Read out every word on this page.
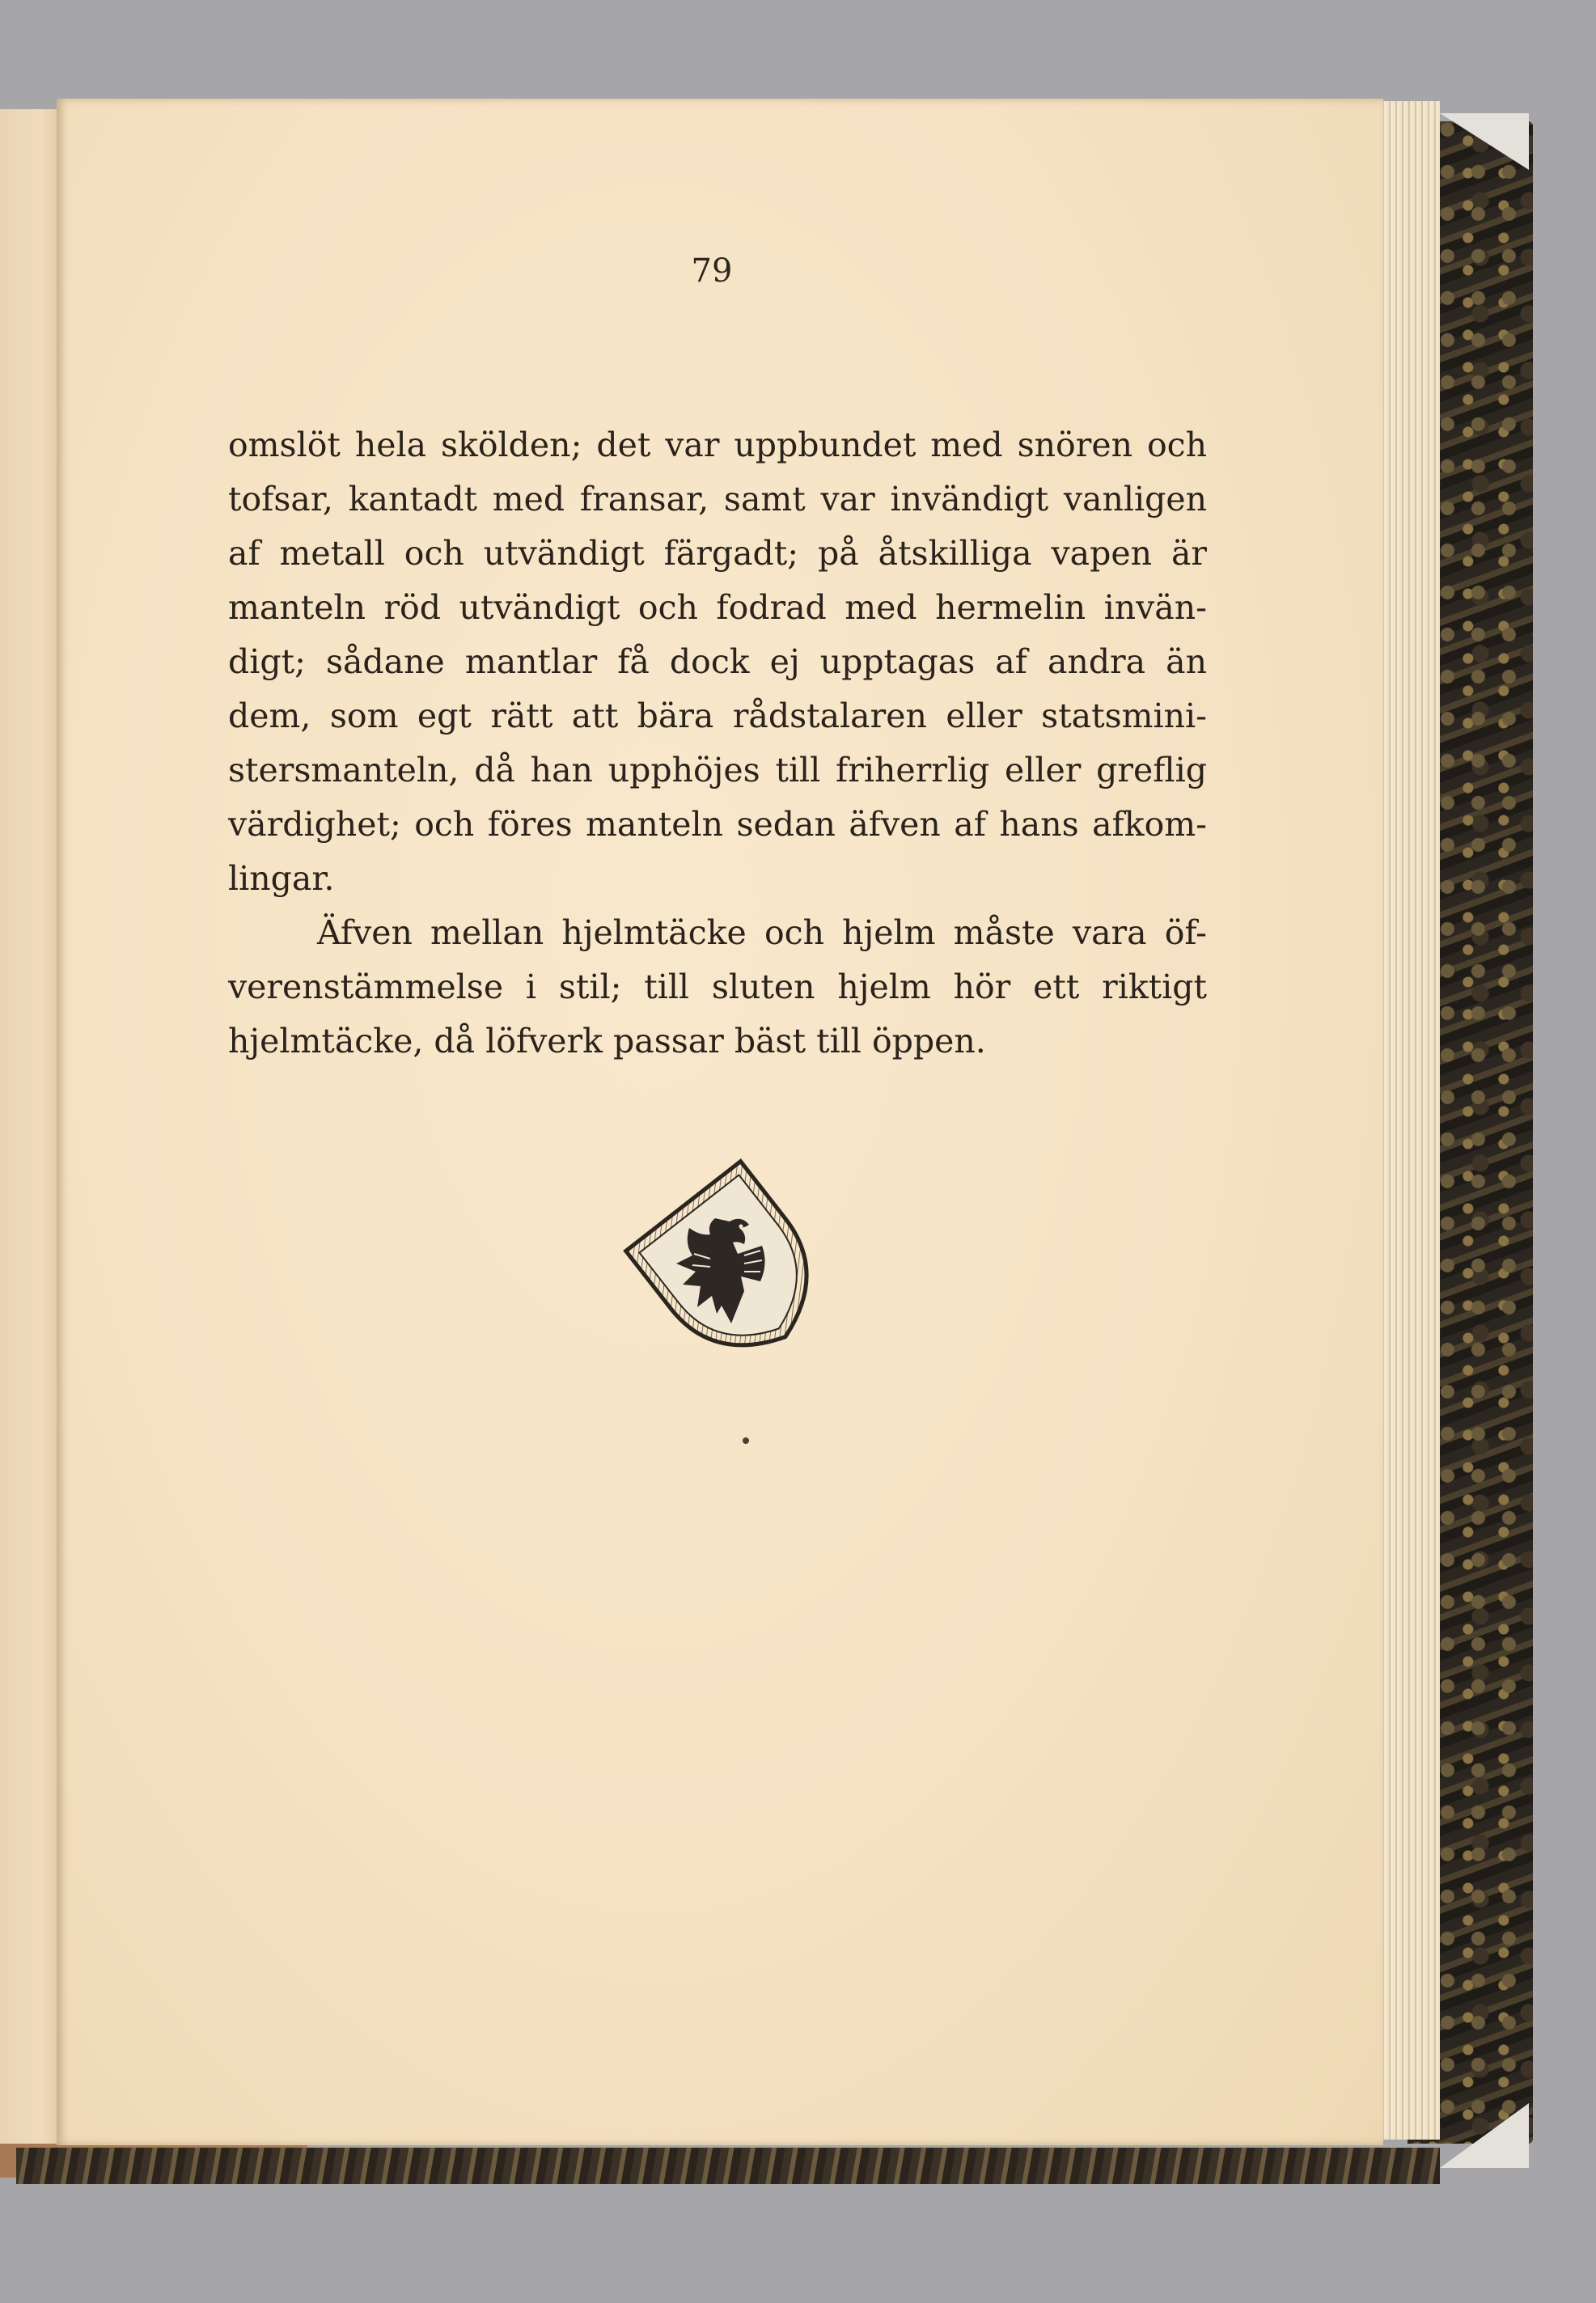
79
omslöt hela skölden; det var uppbundet med snören och
tofsar, kantadt med fransar, samt var invändigt vanligen
af metall och utvändigt färgadt; på åtskilliga vapen är
manteln röd utvändigt och fodrad med hermelin invän-
digt; sådane mantlar få dock ej upptagas af andra än
dem, som egt rätt att bära rådstalaren eller statsmini-
stersmanteln, då han upphöjes till friherrlig eller greflig
värdighet; och föres manteln sedan äfven af hans afkom-
lingar.
Äfven mellan hjelmtäcke och hjelm måste vara öf-
verenstämmelse i stil; till sluten hjelm hör ett riktigt
hjelmtäcke, då löfverk passar bäst till öppen.
